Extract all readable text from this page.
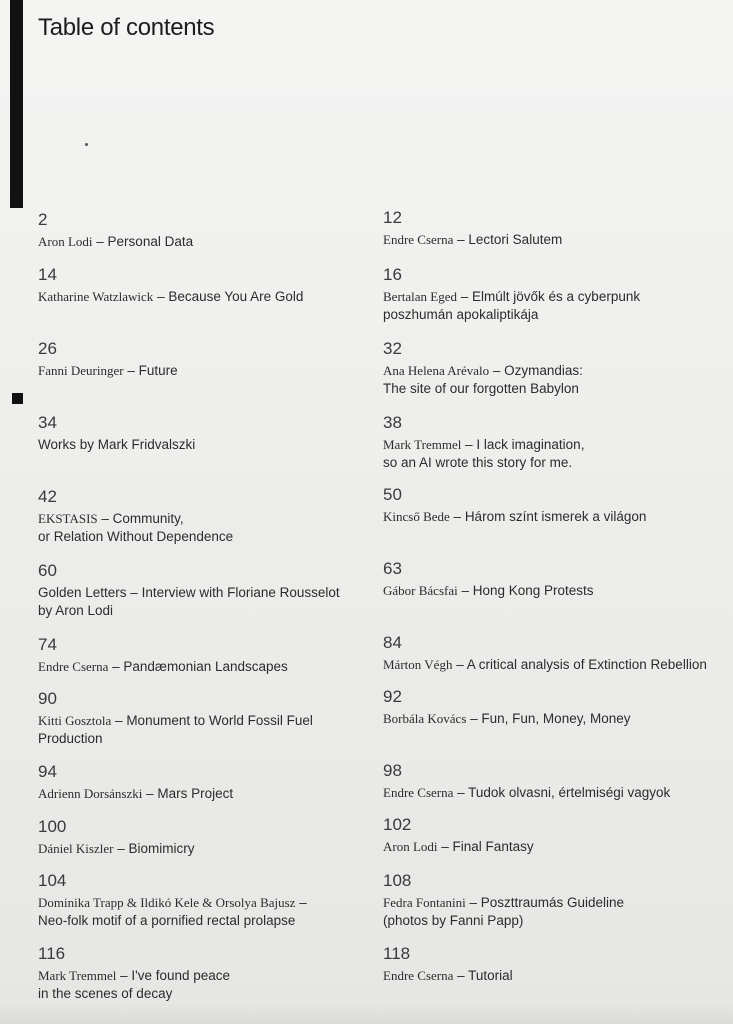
Table of contents
2
Aron Lodi – Personal Data
14
Katharine Watzlawick – Because You Are Gold
26
Fanni Deuringer – Future
34
Works by Mark Fridvalszki
42
EKSTASIS – Community,
or Relation Without Dependence
60
Golden Letters – Interview with Floriane Rousselot
by Aron Lodi
74
Endre Cserna – Pandæmonian Landscapes
90
Kitti Gosztola – Monument to World Fossil Fuel
Production
94
Adrienn Dorsánszki – Mars Project
100
Dániel Kiszler – Biomimicry
104
Dominika Trapp & Ildikó Kele & Orsolya Bajusz –
Neo-folk motif of a pornified rectal prolapse
116
Mark Tremmel – I've found peace
in the scenes of decay
12
Endre Cserna – Lectori Salutem
16
Bertalan Eged – Elmúlt jövők és a cyberpunk
poszhumán apokaliptikája
32
Ana Helena Arévalo – Ozymandias:
The site of our forgotten Babylon
38
Mark Tremmel – I lack imagination,
so an AI wrote this story for me.
50
Kincső Bede – Három színt ismerek a világon
63
Gábor Bácsfai – Hong Kong Protests
84
Márton Végh – A critical analysis of Extinction Rebellion
92
Borbála Kovács – Fun, Fun, Money, Money
98
Endre Cserna – Tudok olvasni, értelmiségi vagyok
102
Aron Lodi – Final Fantasy
108
Fedra Fontanini – Poszttraumás Guideline
(photos by Fanni Papp)
118
Endre Cserna – Tutorial
